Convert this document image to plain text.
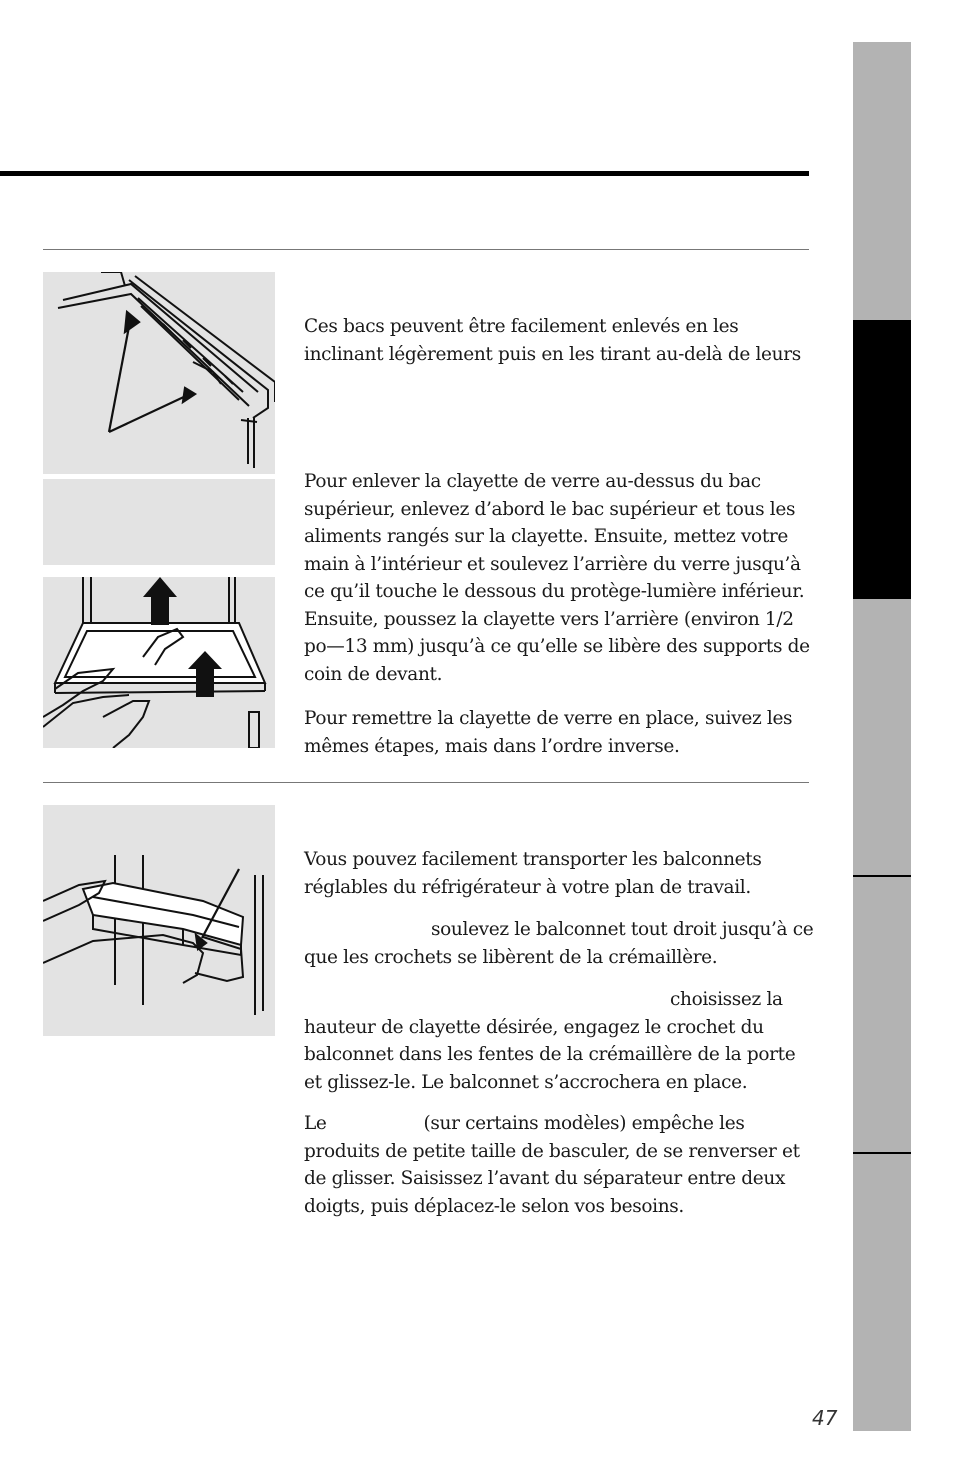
Ces bacs peuvent être facilement enlevés en les inclinant légèrement puis en les tirant au-delà de leurs

Pour enlever la clayette de verre au-dessus du bac supérieur, enlevez d’abord le bac supérieur et tous les aliments rangés sur la clayette. Ensuite, mettez votre main à l’intérieur et soulevez l’arrière du verre jusqu’à ce qu’il touche le dessous du protège-lumière inférieur. Ensuite, poussez la clayette vers l’arrière (environ 1/2 po—13 mm) jusqu’à ce qu’elle se libère des supports de coin de devant.

Pour remettre la clayette de verre en place, suivez les mêmes étapes, mais dans l’ordre inverse.

Vous pouvez facilement transporter les balconnets réglables du réfrigérateur à votre plan de travail.

soulevez le balconnet tout droit jusqu’à ce que les crochets se libèrent de la crémaillère.

choisissez la hauteur de clayette désirée, engagez le crochet du balconnet dans les fentes de la crémaillère de la porte et glissez-le. Le balconnet s’accrochera en place.

Le	(sur certains modèles) empêche les produits de petite taille de basculer, de se renverser et de glisser. Saisissez l’avant du séparateur entre deux doigts, puis déplacez-le selon vos besoins.
47
